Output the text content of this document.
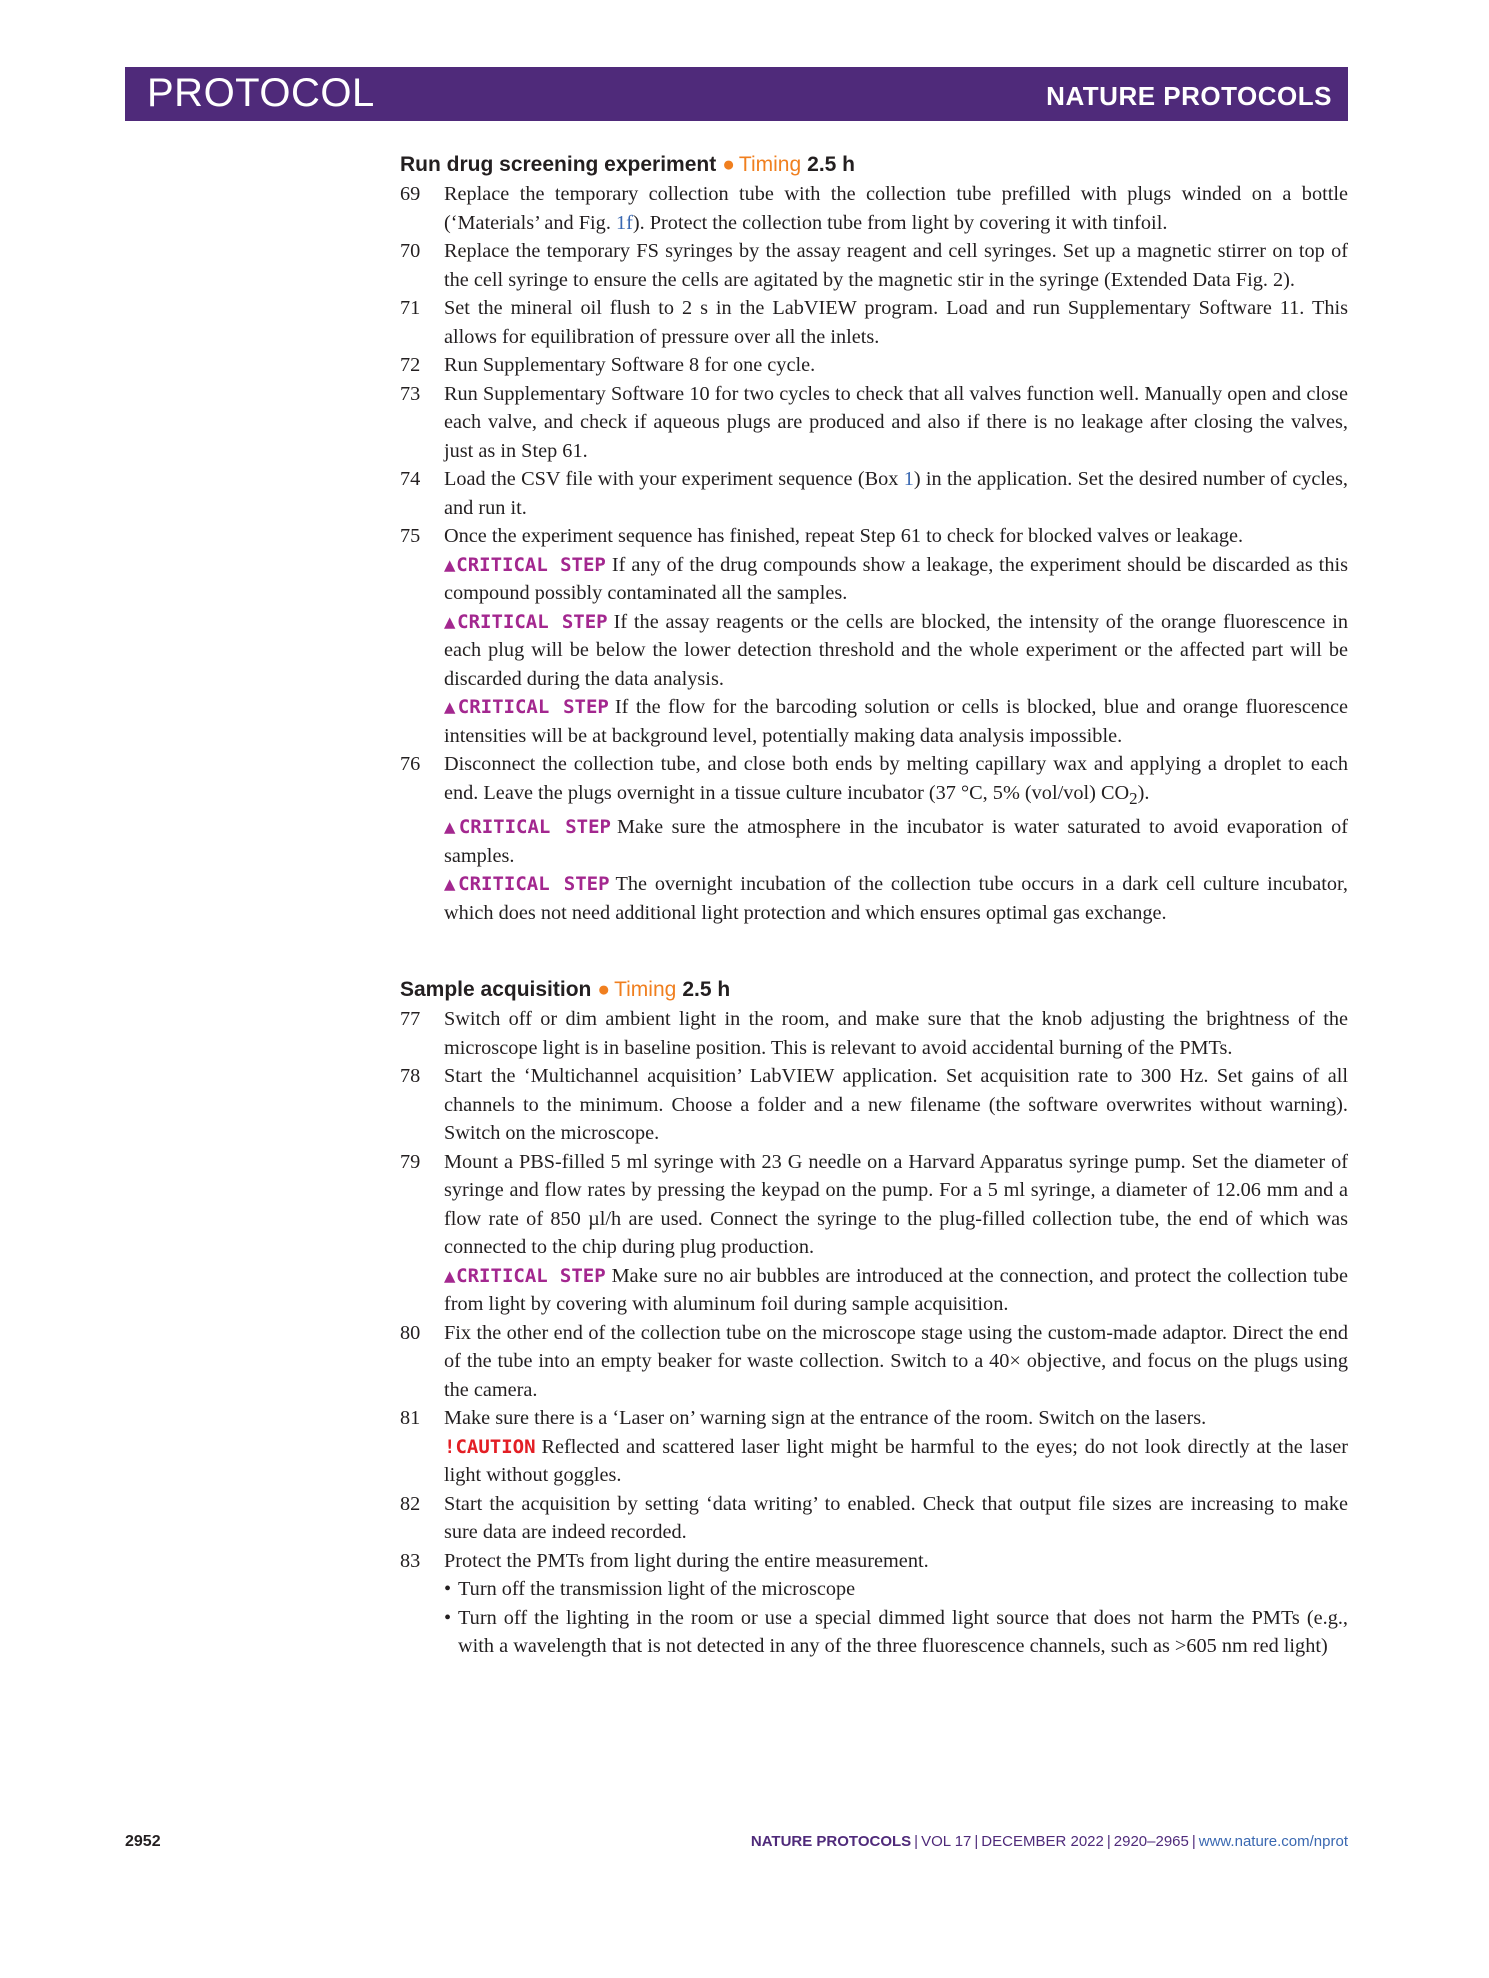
PROTOCOL	NATURE PROTOCOLS
Run drug screening experiment ● Timing 2.5 h
69 Replace the temporary collection tube with the collection tube prefilled with plugs winded on a bottle (‘Materials’ and Fig. 1f). Protect the collection tube from light by covering it with tinfoil.
70 Replace the temporary FS syringes by the assay reagent and cell syringes. Set up a magnetic stirrer on top of the cell syringe to ensure the cells are agitated by the magnetic stir in the syringe (Extended Data Fig. 2).
71 Set the mineral oil flush to 2 s in the LabVIEW program. Load and run Supplementary Software 11. This allows for equilibration of pressure over all the inlets.
72 Run Supplementary Software 8 for one cycle.
73 Run Supplementary Software 10 for two cycles to check that all valves function well. Manually open and close each valve, and check if aqueous plugs are produced and also if there is no leakage after closing the valves, just as in Step 61.
74 Load the CSV file with your experiment sequence (Box 1) in the application. Set the desired number of cycles, and run it.
75 Once the experiment sequence has finished, repeat Step 61 to check for blocked valves or leakage.
▲CRITICAL STEP If any of the drug compounds show a leakage, the experiment should be discarded as this compound possibly contaminated all the samples.
▲CRITICAL STEP If the assay reagents or the cells are blocked, the intensity of the orange fluorescence in each plug will be below the lower detection threshold and the whole experiment or the affected part will be discarded during the data analysis.
▲CRITICAL STEP If the flow for the barcoding solution or cells is blocked, blue and orange fluorescence intensities will be at background level, potentially making data analysis impossible.
76 Disconnect the collection tube, and close both ends by melting capillary wax and applying a droplet to each end. Leave the plugs overnight in a tissue culture incubator (37 °C, 5% (vol/vol) $CO_2$).
▲CRITICAL STEP Make sure the atmosphere in the incubator is water saturated to avoid evaporation of samples.
▲CRITICAL STEP The overnight incubation of the collection tube occurs in a dark cell culture incubator, which does not need additional light protection and which ensures optimal gas exchange.
Sample acquisition ● Timing 2.5 h
77 Switch off or dim ambient light in the room, and make sure that the knob adjusting the brightness of the microscope light is in baseline position. This is relevant to avoid accidental burning of the PMTs.
78 Start the ‘Multichannel acquisition’ LabVIEW application. Set acquisition rate to 300 Hz. Set gains of all channels to the minimum. Choose a folder and a new filename (the software overwrites without warning). Switch on the microscope.
79 Mount a PBS-filled 5 ml syringe with 23 G needle on a Harvard Apparatus syringe pump. Set the diameter of syringe and flow rates by pressing the keypad on the pump. For a 5 ml syringe, a diameter of 12.06 mm and a flow rate of 850 µl/h are used. Connect the syringe to the plug-filled collection tube, the end of which was connected to the chip during plug production.
▲CRITICAL STEP Make sure no air bubbles are introduced at the connection, and protect the collection tube from light by covering with aluminum foil during sample acquisition.
80 Fix the other end of the collection tube on the microscope stage using the custom-made adaptor. Direct the end of the tube into an empty beaker for waste collection. Switch to a 40× objective, and focus on the plugs using the camera.
81 Make sure there is a ‘Laser on’ warning sign at the entrance of the room. Switch on the lasers.
!CAUTION Reflected and scattered laser light might be harmful to the eyes; do not look directly at the laser light without goggles.
82 Start the acquisition by setting ‘data writing’ to enabled. Check that output file sizes are increasing to make sure data are indeed recorded.
83 Protect the PMTs from light during the entire measurement.
• Turn off the transmission light of the microscope
• Turn off the lighting in the room or use a special dimmed light source that does not harm the PMTs (e.g., with a wavelength that is not detected in any of the three fluorescence channels, such as >605 nm red light)
2952	NATURE PROTOCOLS | VOL 17 | DECEMBER 2022 | 2920–2965 | www.nature.com/nprot
